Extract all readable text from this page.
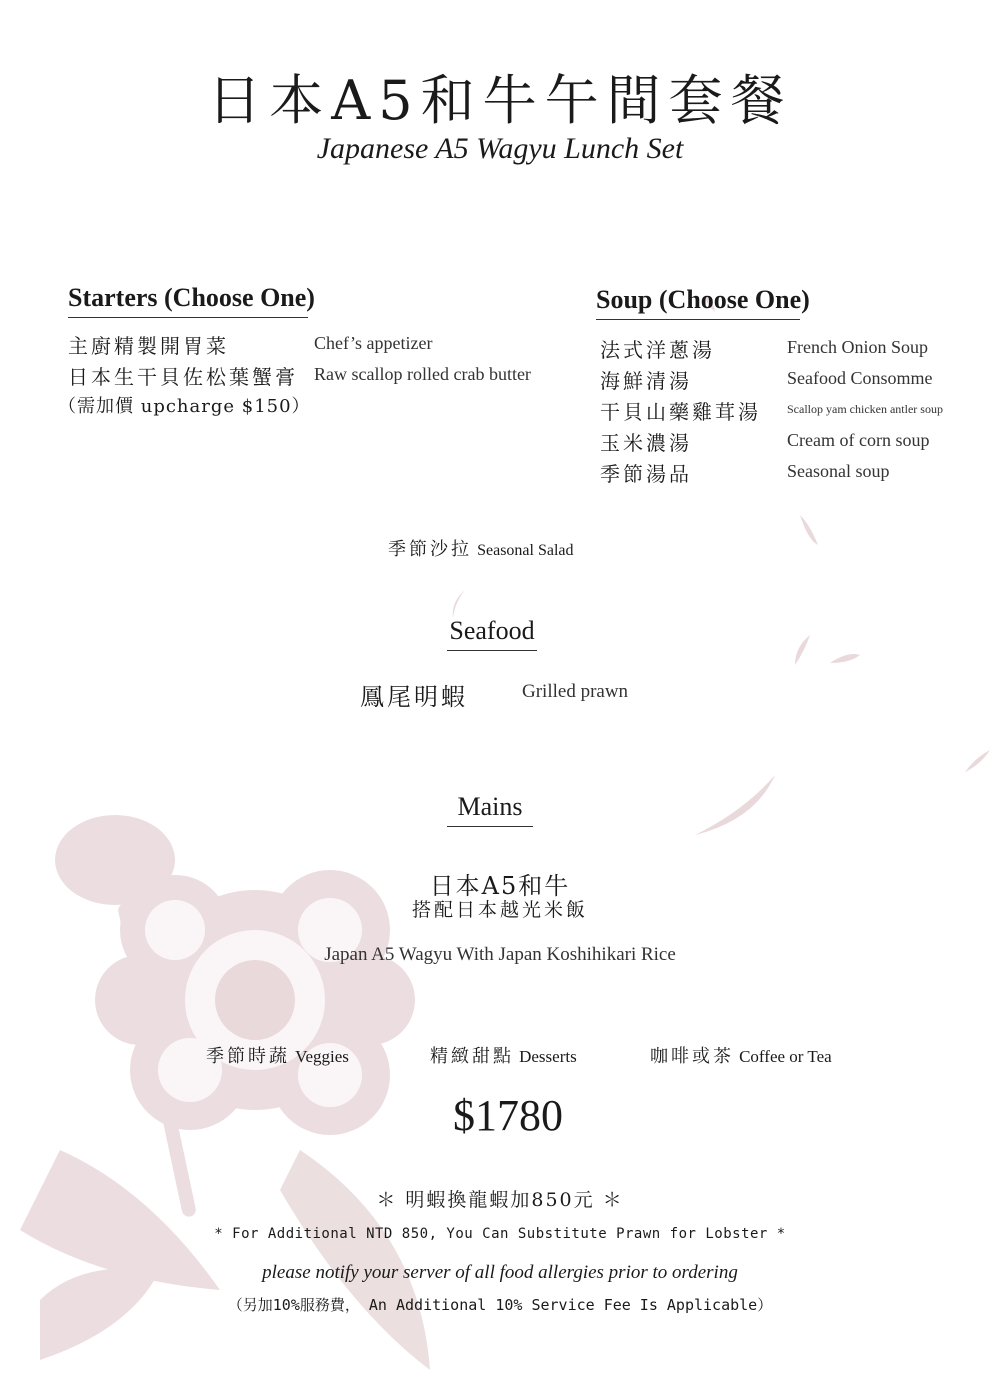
日本A5和牛午間套餐
Japanese A5 Wagyu Lunch Set
Starters (Choose One)
主廚精製開胃菜	Chef’s appetizer
日本生干貝佐松葉蟹膏 Raw scallop rolled crab butter
（需加價 upcharge $150）
Soup (Choose One)
法式洋蔥湯	French Onion Soup
海鮮清湯	Seafood Consomme
干貝山藥雞茸湯 Scallop yam chicken antler soup
玉米濃湯	Cream of corn soup
季節湯品	Seasonal soup
季節沙拉 Seasonal Salad
Seafood
鳳尾明蝦	Grilled prawn
Mains
日本A5和牛
搭配日本越光米飯
Japan A5 Wagyu With Japan Koshihikari Rice
季節時蔬 Veggies	精緻甜點 Desserts	咖啡或茶 Coffee or Tea
$1780
＊ 明蝦換龍蝦加850元 ＊
* For Additional NTD 850, You Can Substitute Prawn for Lobster *
please notify your server of all food allergies prior to ordering
（另加10%服務費， An Additional 10% Service Fee Is Applicable）
